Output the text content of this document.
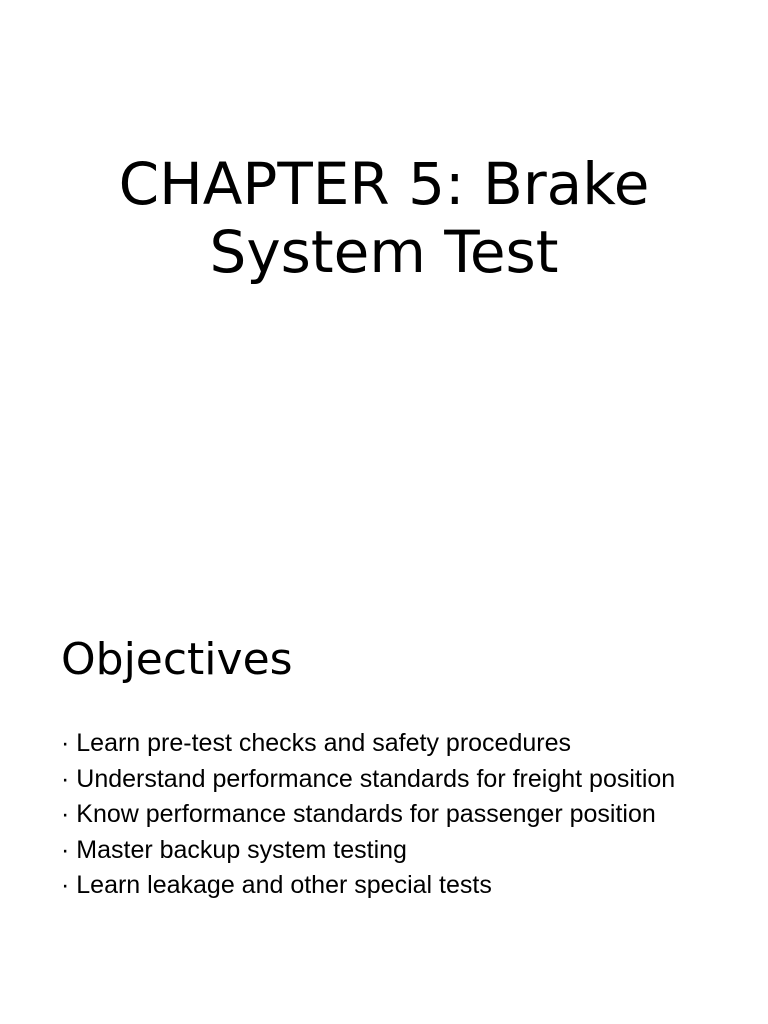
CHAPTER 5: Brake
System Test
Objectives
· Learn pre-test checks and safety procedures
· Understand performance standards for freight position
· Know performance standards for passenger position
· Master backup system testing
· Learn leakage and other special tests
